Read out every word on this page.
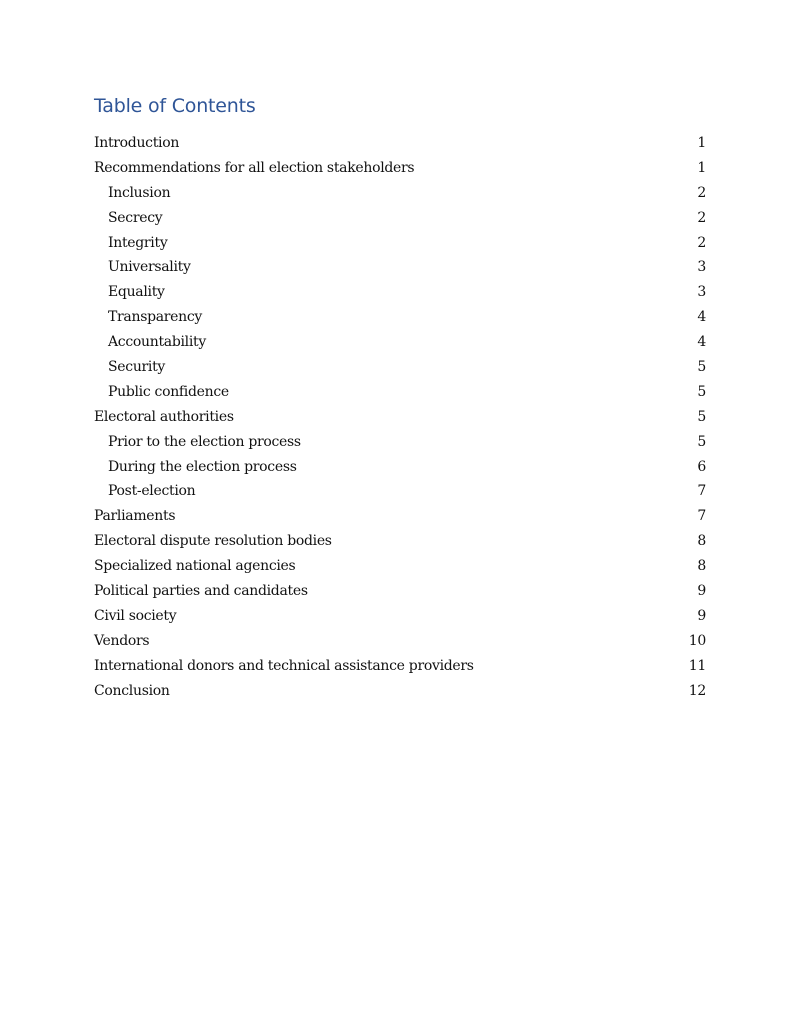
Table of Contents
Introduction	1
Recommendations for all election stakeholders	1
Inclusion	2
Secrecy	2
Integrity	2
Universality	3
Equality	3
Transparency	4
Accountability	4
Security	5
Public confidence	5
Electoral authorities	5
Prior to the election process	5
During the election process	6
Post-election	7
Parliaments	7
Electoral dispute resolution bodies	8
Specialized national agencies	8
Political parties and candidates	9
Civil society	9
Vendors	10
International donors and technical assistance providers	11
Conclusion	12
